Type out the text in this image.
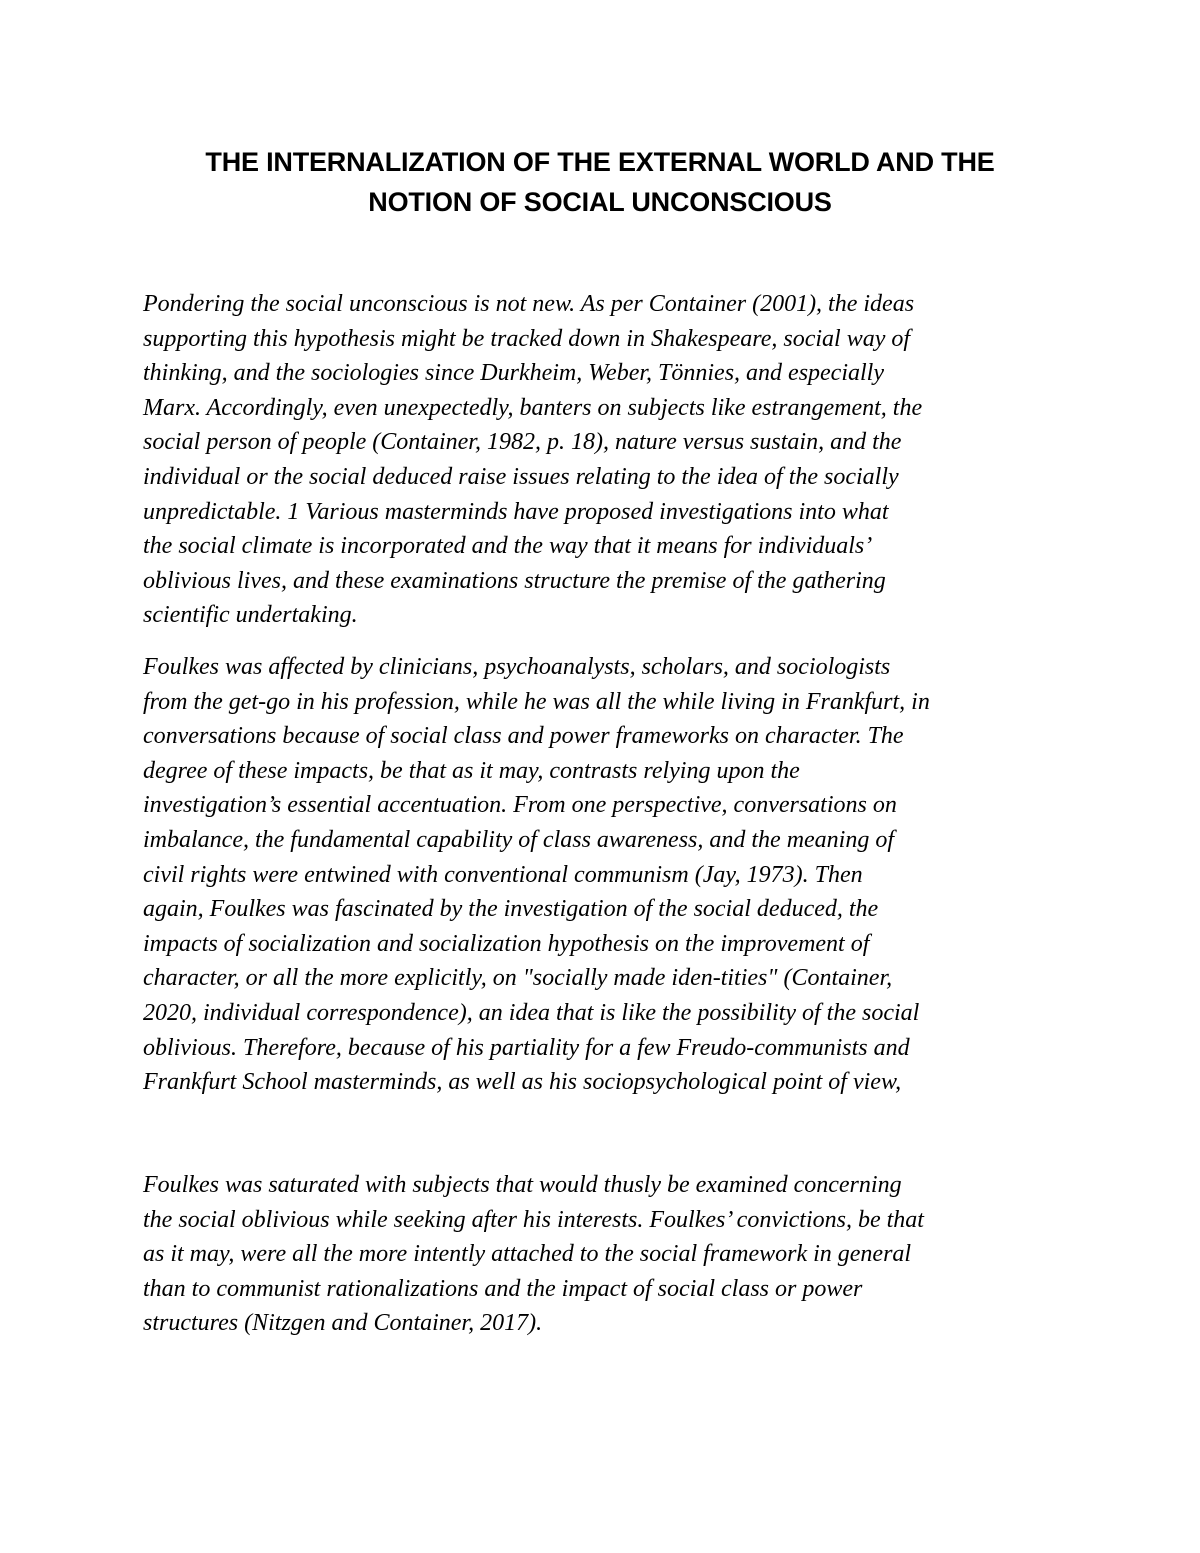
THE INTERNALIZATION OF THE EXTERNAL WORLD AND THE
NOTION OF SOCIAL UNCONSCIOUS
Pondering the social unconscious is not new. As per Container (2001), the ideas
supporting this hypothesis might be tracked down in Shakespeare, social way of
thinking, and the sociologies since Durkheim, Weber, Tönnies, and especially
Marx. Accordingly, even unexpectedly, banters on subjects like estrangement, the
social person of people (Container, 1982, p. 18), nature versus sustain, and the
individual or the social deduced raise issues relating to the idea of the socially
unpredictable. 1 Various masterminds have proposed investigations into what
the social climate is incorporated and the way that it means for individuals’
oblivious lives, and these examinations structure the premise of the gathering
scientific undertaking.
Foulkes was affected by clinicians, psychoanalysts, scholars, and sociologists
from the get-go in his profession, while he was all the while living in Frankfurt, in
conversations because of social class and power frameworks on character. The
degree of these impacts, be that as it may, contrasts relying upon the
investigation’s essential accentuation. From one perspective, conversations on
imbalance, the fundamental capability of class awareness, and the meaning of
civil rights were entwined with conventional communism (Jay, 1973). Then
again, Foulkes was fascinated by the investigation of the social deduced, the
impacts of socialization and socialization hypothesis on the improvement of
character, or all the more explicitly, on "socially made iden-tities" (Container,
2020, individual correspondence), an idea that is like the possibility of the social
oblivious. Therefore, because of his partiality for a few Freudo-communists and
Frankfurt School masterminds, as well as his sociopsychological point of view,
Foulkes was saturated with subjects that would thusly be examined concerning
the social oblivious while seeking after his interests. Foulkes’ convictions, be that
as it may, were all the more intently attached to the social framework in general
than to communist rationalizations and the impact of social class or power
structures (Nitzgen and Container, 2017).
